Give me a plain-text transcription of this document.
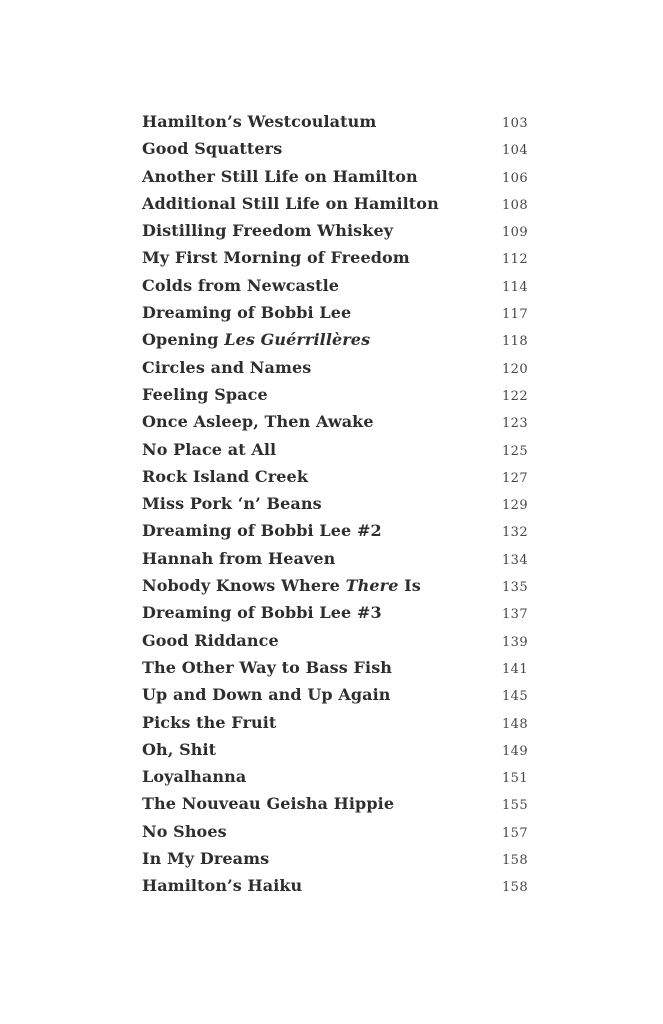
Hamilton’s Westcoulatum	103
Good Squatters	104
Another Still Life on Hamilton	106
Additional Still Life on Hamilton	108
Distilling Freedom Whiskey	109
My First Morning of Freedom	112
Colds from Newcastle	114
Dreaming of Bobbi Lee	117
Opening Les Guérrillères	118
Circles and Names	120
Feeling Space	122
Once Asleep, Then Awake	123
No Place at All	125
Rock Island Creek	127
Miss Pork ‘n’ Beans	129
Dreaming of Bobbi Lee #2	132
Hannah from Heaven	134
Nobody Knows Where There Is	135
Dreaming of Bobbi Lee #3	137
Good Riddance	139
The Other Way to Bass Fish	141
Up and Down and Up Again	145
Picks the Fruit	148
Oh, Shit	149
Loyalhanna	151
The Nouveau Geisha Hippie	155
No Shoes	157
In My Dreams	158
Hamilton’s Haiku	158
